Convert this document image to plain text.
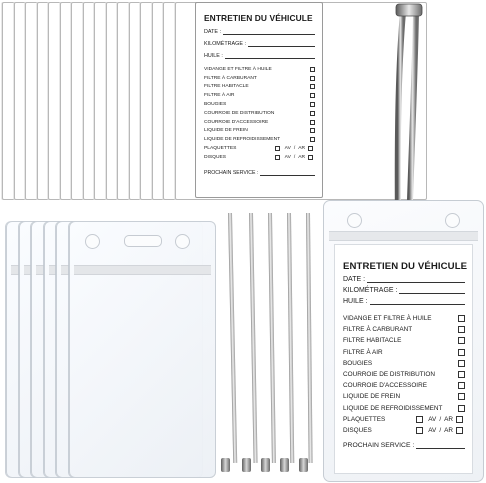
ENTRETIEN DU VÉHICULE
DATE :
KILOMÉTRAGE :
HUILE :
VIDANGE ET FILTRE À HUILE
FILTRE À CARBURANT
FILTRE HABITACLE
FILTRE À AIR
BOUGIES
COURROIE DE DISTRIBUTION
COURROIE D'ACCESSOIRE
LIQUIDE DE FREIN
LIQUIDE DE REFROIDISSEMENT
PLAQUETTES	AV / AR
DISQUES	AV / AR
PROCHAIN SERVICE :
ENTRETIEN DU VÉHICULE
DATE :
KILOMÉTRAGE :
HUILE :
VIDANGE ET FILTRE À HUILE
FILTRE À CARBURANT
FILTRE HABITACLE
FILTRE À AIR
BOUGIES
COURROIE DE DISTRIBUTION
COURROIE D'ACCESSOIRE
LIQUIDE DE FREIN
LIQUIDE DE REFROIDISSEMENT
PLAQUETTES	AV / AR
DISQUES	AV / AR
PROCHAIN SERVICE :
